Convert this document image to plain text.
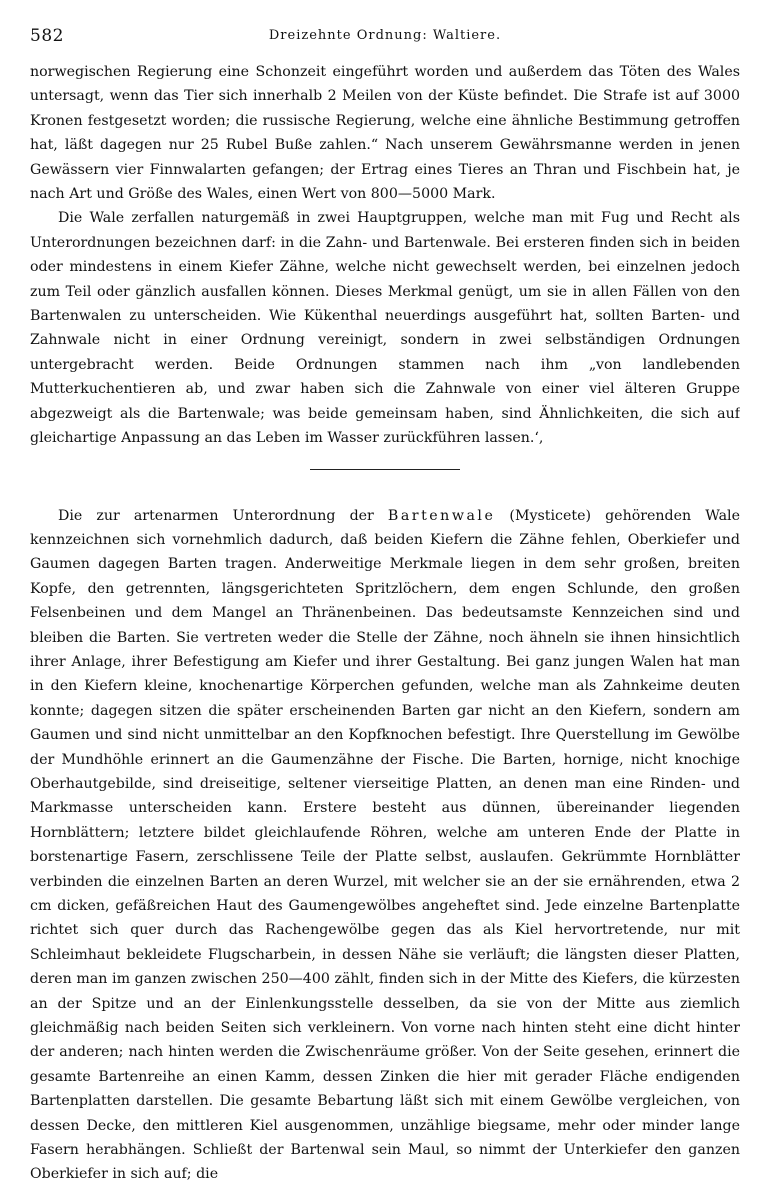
582	Dreizehnte Ordnung: Waltiere.

norwegischen Regierung eine Schonzeit eingeführt worden und außerdem das Töten des Wales untersagt, wenn das Tier sich innerhalb 2 Meilen von der Küste befindet. Die Strafe ist auf 3000 Kronen festgesetzt worden; die russische Regierung, welche eine ähnliche Bestimmung getroffen hat, läßt dagegen nur 25 Rubel Buße zahlen.“ Nach unserem Gewährsmanne werden in jenen Gewässern vier Finnwalarten gefangen; der Ertrag eines Tieres an Thran und Fischbein hat, je nach Art und Größe des Wales, einen Wert von 800—5000 Mark.

Die Wale zerfallen naturgemäß in zwei Hauptgruppen, welche man mit Fug und Recht als Unterordnungen bezeichnen darf: in die Zahn- und Bartenwale. Bei ersteren finden sich in beiden oder mindestens in einem Kiefer Zähne, welche nicht gewechselt werden, bei einzelnen jedoch zum Teil oder gänzlich ausfallen können. Dieses Merkmal genügt, um sie in allen Fällen von den Bartenwalen zu unterscheiden. Wie Kükenthal neuerdings ausgeführt hat, sollten Barten- und Zahnwale nicht in einer Ordnung vereinigt, sondern in zwei selbständigen Ordnungen untergebracht werden. Beide Ordnungen stammen nach ihm „von landlebenden Mutterkuchentieren ab, und zwar haben sich die Zahnwale von einer viel älteren Gruppe abgezweigt als die Bartenwale; was beide gemeinsam haben, sind Ähnlichkeiten, die sich auf gleichartige Anpassung an das Leben im Wasser zurückführen lassen.‘,

Die zur artenarmen Unterordnung der Bartenwale (Mysticete) gehörenden Wale kennzeichnen sich vornehmlich dadurch, daß beiden Kiefern die Zähne fehlen, Oberkiefer und Gaumen dagegen Barten tragen. Anderweitige Merkmale liegen in dem sehr großen, breiten Kopfe, den getrennten, längsgerichteten Spritzlöchern, dem engen Schlunde, den großen Felsenbeinen und dem Mangel an Thränenbeinen. Das bedeutsamste Kennzeichen sind und bleiben die Barten. Sie vertreten weder die Stelle der Zähne, noch ähneln sie ihnen hinsichtlich ihrer Anlage, ihrer Befestigung am Kiefer und ihrer Gestaltung. Bei ganz jungen Walen hat man in den Kiefern kleine, knochenartige Körperchen gefunden, welche man als Zahnkeime deuten konnte; dagegen sitzen die später erscheinenden Barten gar nicht an den Kiefern, sondern am Gaumen und sind nicht unmittelbar an den Kopfknochen befestigt. Ihre Querstellung im Gewölbe der Mundhöhle erinnert an die Gaumenzähne der Fische. Die Barten, hornige, nicht knochige Oberhautgebilde, sind dreiseitige, seltener vierseitige Platten, an denen man eine Rinden- und Markmasse unterscheiden kann. Erstere besteht aus dünnen, übereinander liegenden Hornblättern; letztere bildet gleichlaufende Röhren, welche am unteren Ende der Platte in borstenartige Fasern, zerschlissene Teile der Platte selbst, auslaufen. Gekrümmte Hornblätter verbinden die einzelnen Barten an deren Wurzel, mit welcher sie an der sie ernährenden, etwa 2 cm dicken, gefäßreichen Haut des Gaumengewölbes angeheftet sind. Jede einzelne Bartenplatte richtet sich quer durch das Rachengewölbe gegen das als Kiel hervortretende, nur mit Schleimhaut bekleidete Flugscharbein, in dessen Nähe sie verläuft; die längsten dieser Platten, deren man im ganzen zwischen 250—400 zählt, finden sich in der Mitte des Kiefers, die kürzesten an der Spitze und an der Einlenkungsstelle desselben, da sie von der Mitte aus ziemlich gleichmäßig nach beiden Seiten sich verkleinern. Von vorne nach hinten steht eine dicht hinter der anderen; nach hinten werden die Zwischenräume größer. Von der Seite gesehen, erinnert die gesamte Bartenreihe an einen Kamm, dessen Zinken die hier mit gerader Fläche endigenden Bartenplatten darstellen. Die gesamte Bebartung läßt sich mit einem Gewölbe vergleichen, von dessen Decke, den mittleren Kiel ausgenommen, unzählige biegsame, mehr oder minder lange Fasern herabhängen. Schließt der Bartenwal sein Maul, so nimmt der Unterkiefer den ganzen Oberkiefer in sich auf; die
